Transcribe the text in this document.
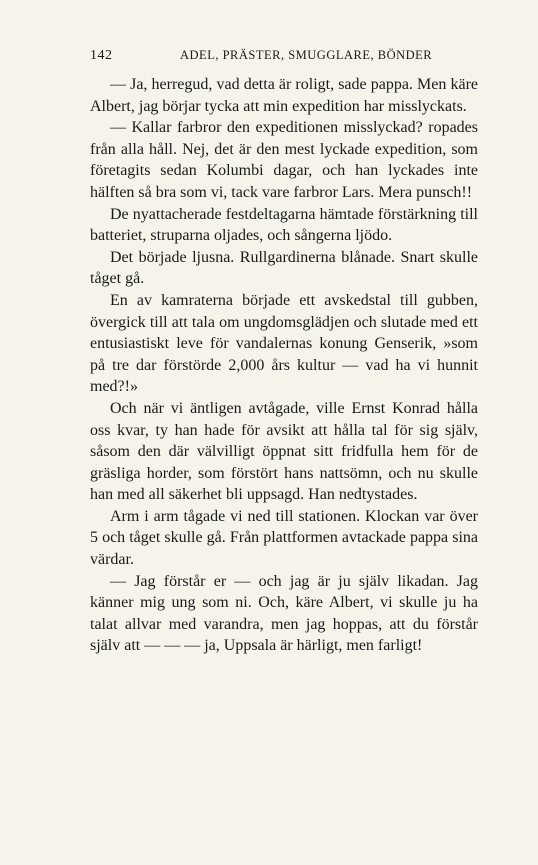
142	ADEL, PRÄSTER, SMUGGLARE, BÖNDER

— Ja, herregud, vad detta är roligt, sade pappa. Men käre Albert, jag börjar tycka att min expedition har misslyckats.

— Kallar farbror den expeditionen misslyckad? ropades från alla håll. Nej, det är den mest lyckade expedition, som företagits sedan Kolumbi dagar, och han lyckades inte hälften så bra som vi, tack vare farbror Lars. Mera punsch!!

De nyattacherade festdeltagarna hämtade förstärkning till batteriet, struparna oljades, och sångerna ljödo.

Det började ljusna. Rullgardinerna blånade. Snart skulle tåget gå.

En av kamraterna började ett avskedstal till gubben, övergick till att tala om ungdomsglädjen och slutade med ett entusiastiskt leve för vandalernas konung Genserik, »som på tre dar förstörde 2,000 års kultur — vad ha vi hunnit med?!»

Och när vi äntligen avtågade, ville Ernst Konrad hålla oss kvar, ty han hade för avsikt att hålla tal för sig själv, såsom den där välvilligt öppnat sitt fridfulla hem för de gräsliga horder, som förstört hans nattsömn, och nu skulle han med all säkerhet bli uppsagd. Han nedtystades.

Arm i arm tågade vi ned till stationen. Klockan var över 5 och tåget skulle gå. Från plattformen avtackade pappa sina värdar.

— Jag förstår er — och jag är ju själv likadan. Jag känner mig ung som ni. Och, käre Albert, vi skulle ju ha talat allvar med varandra, men jag hoppas, att du förstår själv att — — — ja, Uppsala är härligt, men farligt!
